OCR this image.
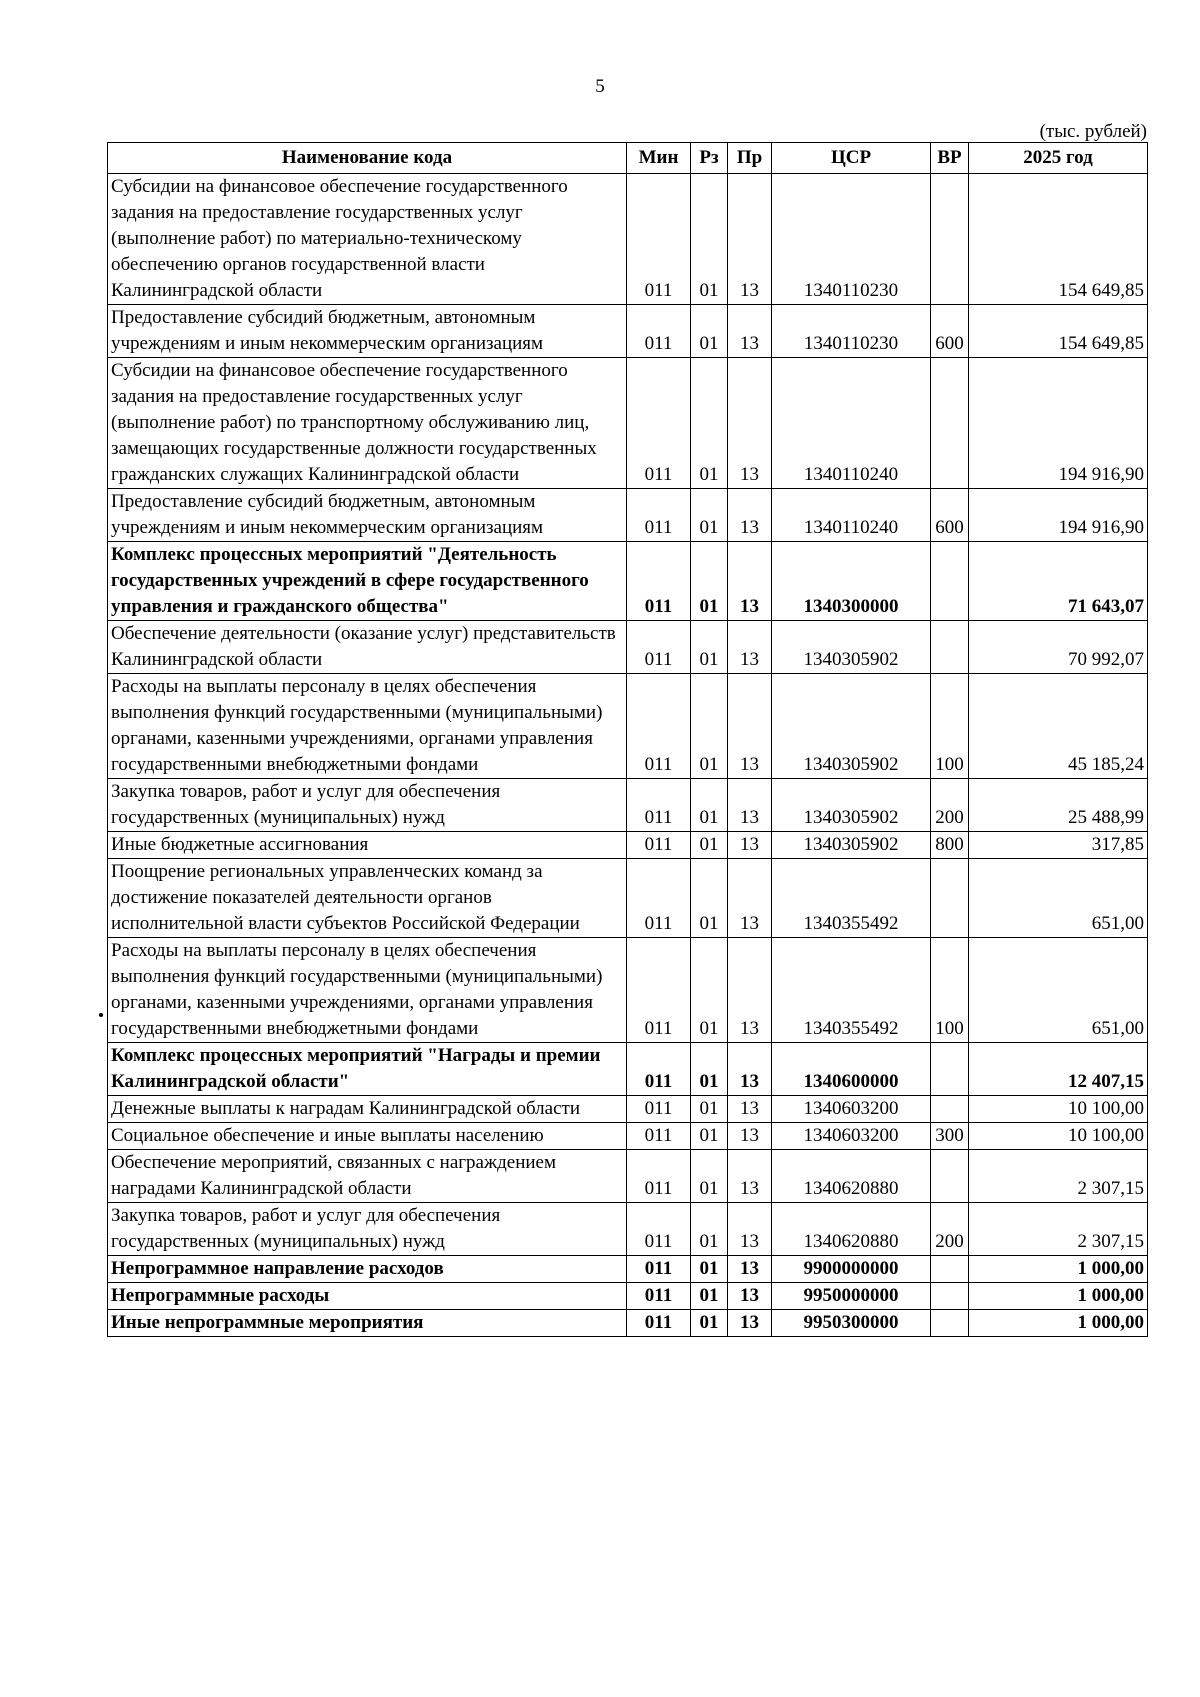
5
(тыс. рублей)
Наименование кода	Мин	Рз	Пр	ЦСР	ВР	2025 год
Субсидии на финансовое обеспечение государственного задания на предоставление государственных услуг (выполнение работ) по материально-техническому обеспечению органов государственной власти Калининградской области	011	01	13	1340110230		154 649,85
Предоставление субсидий бюджетным, автономным учреждениям и иным некоммерческим организациям	011	01	13	1340110230	600	154 649,85
Субсидии на финансовое обеспечение государственного задания на предоставление государственных услуг (выполнение работ) по транспортному обслуживанию лиц, замещающих государственные должности государственных гражданских служащих Калининградской области	011	01	13	1340110240		194 916,90
Предоставление субсидий бюджетным, автономным учреждениям и иным некоммерческим организациям	011	01	13	1340110240	600	194 916,90
Комплекс процессных мероприятий "Деятельность государственных учреждений в сфере государственного управления и гражданского общества"	011	01	13	1340300000		71 643,07
Обеспечение деятельности (оказание услуг) представительств Калининградской области	011	01	13	1340305902		70 992,07
Расходы на выплаты персоналу в целях обеспечения выполнения функций государственными (муниципальными) органами, казенными учреждениями, органами управления государственными внебюджетными фондами	011	01	13	1340305902	100	45 185,24
Закупка товаров, работ и услуг для обеспечения государственных (муниципальных) нужд	011	01	13	1340305902	200	25 488,99
Иные бюджетные ассигнования	011	01	13	1340305902	800	317,85
Поощрение региональных управленческих команд за достижение показателей деятельности органов исполнительной власти субъектов Российской Федерации	011	01	13	1340355492		651,00
Расходы на выплаты персоналу в целях обеспечения выполнения функций государственными (муниципальными) органами, казенными учреждениями, органами управления государственными внебюджетными фондами	011	01	13	1340355492	100	651,00
Комплекс процессных мероприятий "Награды и премии Калининградской области"	011	01	13	1340600000		12 407,15
Денежные выплаты к наградам Калининградской области	011	01	13	1340603200		10 100,00
Социальное обеспечение и иные выплаты населению	011	01	13	1340603200	300	10 100,00
Обеспечение мероприятий, связанных с награждением наградами Калининградской области	011	01	13	1340620880		2 307,15
Закупка товаров, работ и услуг для обеспечения государственных (муниципальных) нужд	011	01	13	1340620880	200	2 307,15
Непрограммное направление расходов	011	01	13	9900000000		1 000,00
Непрограммные расходы	011	01	13	9950000000		1 000,00
Иные непрограммные мероприятия	011	01	13	9950300000		1 000,00
